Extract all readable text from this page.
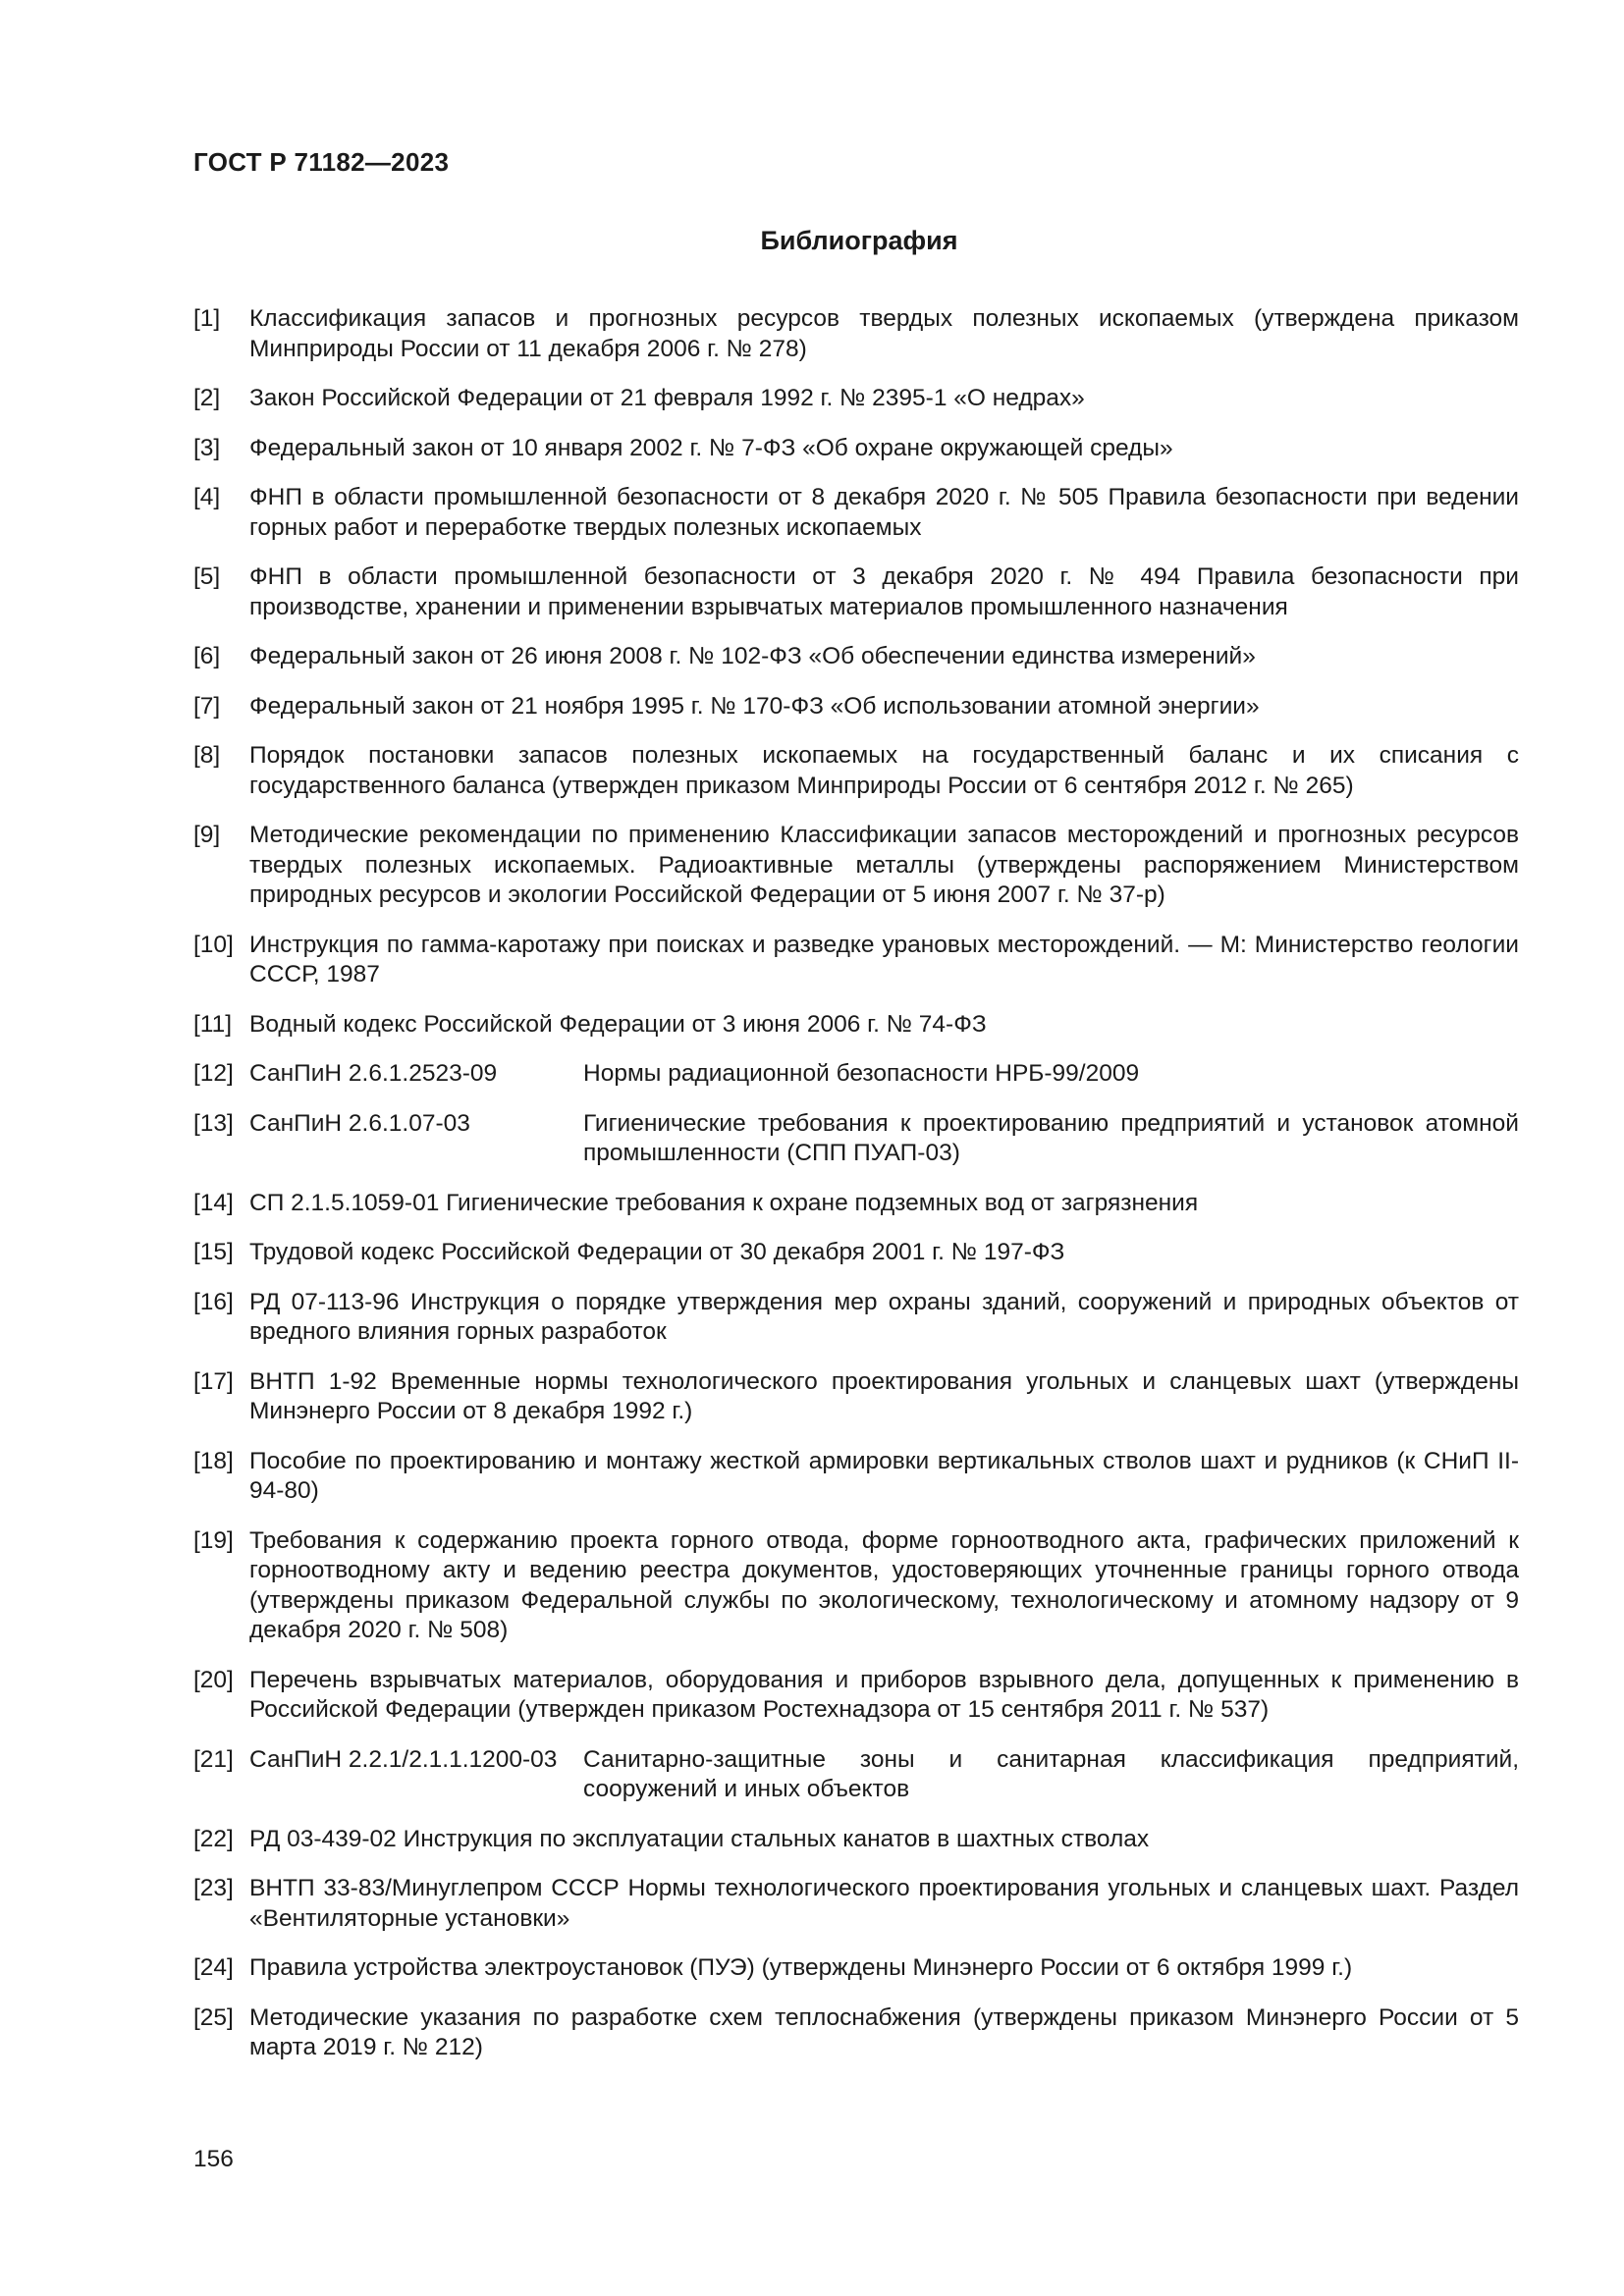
ГОСТ Р 71182—2023
Библиография
[1]	Классификация запасов и прогнозных ресурсов твердых полезных ископаемых (утверждена приказом Минприроды России от 11 декабря 2006 г. № 278)
[2]	Закон Российской Федерации от 21 февраля 1992 г. № 2395-1 «О недрах»
[3]	Федеральный закон от 10 января 2002 г. № 7-ФЗ «Об охране окружающей среды»
[4]	ФНП в области промышленной безопасности от 8 декабря 2020 г. № 505 Правила безопасности при ведении горных работ и переработке твердых полезных ископаемых
[5]	ФНП в области промышленной безопасности от 3 декабря 2020 г. № 494 Правила безопасности при производстве, хранении и применении взрывчатых материалов промышленного назначения
[6]	Федеральный закон от 26 июня 2008 г. № 102-ФЗ «Об обеспечении единства измерений»
[7]	Федеральный закон от 21 ноября 1995 г. № 170-ФЗ «Об использовании атомной энергии»
[8]	Порядок постановки запасов полезных ископаемых на государственный баланс и их списания с государственного баланса (утвержден приказом Минприроды России от 6 сентября 2012 г. № 265)
[9]	Методические рекомендации по применению Классификации запасов месторождений и прогнозных ресурсов твердых полезных ископаемых. Радиоактивные металлы (утверждены распоряжением Министерством природных ресурсов и экологии Российской Федерации от 5 июня 2007 г. № 37-р)
[10] Инструкция по гамма-каротажу при поисках и разведке урановых месторождений. — М: Министерство геологии СССР, 1987
[11] Водный кодекс Российской Федерации от 3 июня 2006 г. № 74-ФЗ
[12] СанПиН 2.6.1.2523-09	Нормы радиационной безопасности НРБ-99/2009
[13] СанПиН 2.6.1.07-03	Гигиенические требования к проектированию предприятий и установок атомной промышленности (СПП ПУАП-03)
[14] СП 2.1.5.1059-01 Гигиенические требования к охране подземных вод от загрязнения
[15] Трудовой кодекс Российской Федерации от 30 декабря 2001 г. № 197-ФЗ
[16] РД 07-113-96 Инструкция о порядке утверждения мер охраны зданий, сооружений и природных объектов от вредного влияния горных разработок
[17] ВНТП 1-92 Временные нормы технологического проектирования угольных и сланцевых шахт (утверждены Минэнерго России от 8 декабря 1992 г.)
[18] Пособие по проектированию и монтажу жесткой армировки вертикальных стволов шахт и рудников (к СНиП II-94-80)
[19] Требования к содержанию проекта горного отвода, форме горноотводного акта, графических приложений к горноотводному акту и ведению реестра документов, удостоверяющих уточненные границы горного отвода (утверждены приказом Федеральной службы по экологическому, технологическому и атомному надзору от 9 декабря 2020 г. № 508)
[20] Перечень взрывчатых материалов, оборудования и приборов взрывного дела, допущенных к применению в Российской Федерации (утвержден приказом Ростехнадзора от 15 сентября 2011 г. № 537)
[21] СанПиН 2.2.1/2.1.1.1200-03	Санитарно-защитные зоны и санитарная классификация предприятий, сооружений и иных объектов
[22] РД 03-439-02 Инструкция по эксплуатации стальных канатов в шахтных стволах
[23] ВНТП 33-83/Минуглепром СССР Нормы технологического проектирования угольных и сланцевых шахт. Раздел «Вентиляторные установки»
[24] Правила устройства электроустановок (ПУЭ) (утверждены Минэнерго России от 6 октября 1999 г.)
[25] Методические указания по разработке схем теплоснабжения (утверждены приказом Минэнерго России от 5 марта 2019 г. № 212)
156
